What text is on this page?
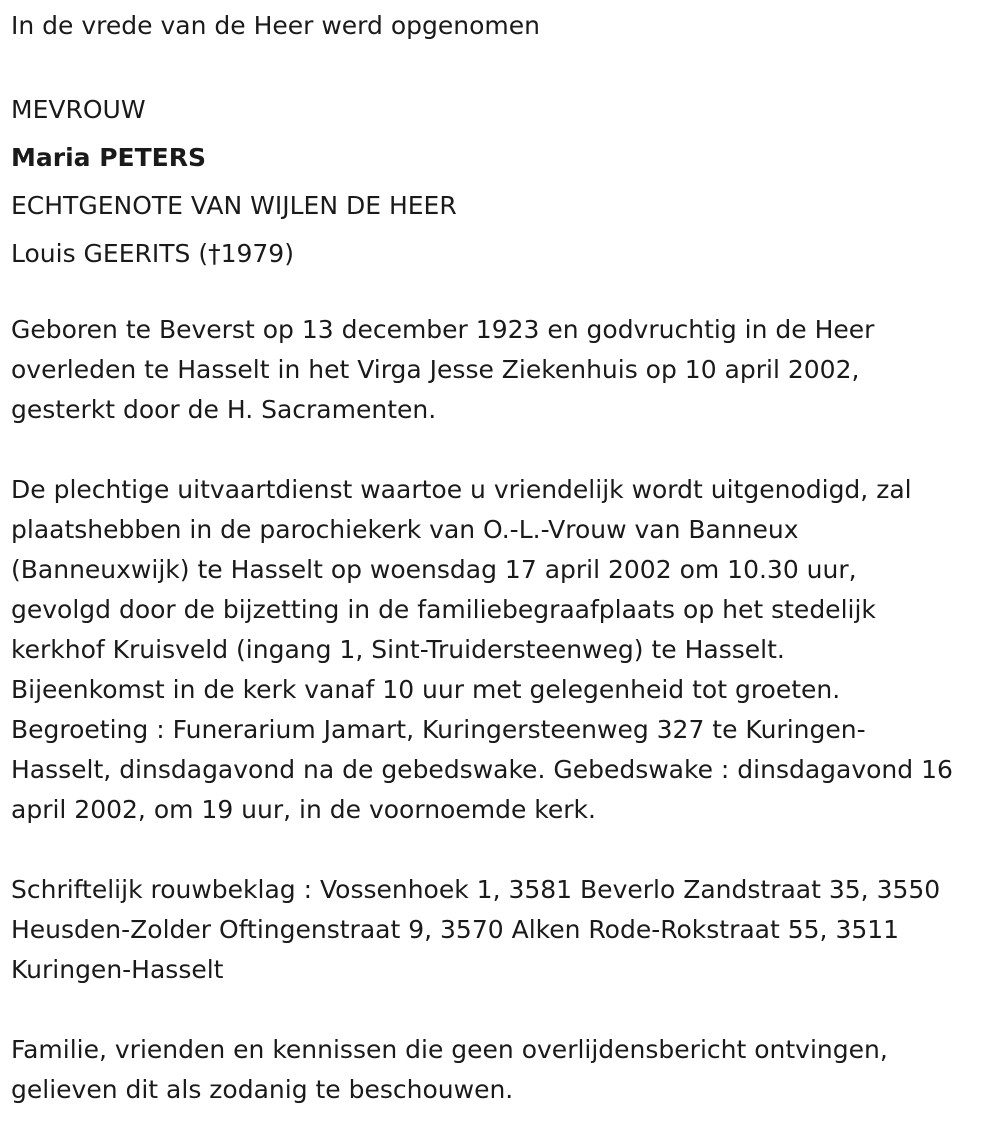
In de vrede van de Heer werd opgenomen
MEVROUW
Maria PETERS
ECHTGENOTE VAN WIJLEN DE HEER
Louis GEERITS (†1979)
Geboren te Beverst op 13 december 1923 en godvruchtig in de Heer
overleden te Hasselt in het Virga Jesse Ziekenhuis op 10 april 2002,
gesterkt door de H. Sacramenten.
De plechtige uitvaartdienst waartoe u vriendelijk wordt uitgenodigd, zal
plaatshebben in de parochiekerk van O.-L.-Vrouw van Banneux
(Banneuxwijk) te Hasselt op woensdag 17 april 2002 om 10.30 uur,
gevolgd door de bijzetting in de familiebegraafplaats op het stedelijk
kerkhof Kruisveld (ingang 1, Sint-Truidersteenweg) te Hasselt.
Bijeenkomst in de kerk vanaf 10 uur met gelegenheid tot groeten.
Begroeting : Funerarium Jamart, Kuringersteenweg 327 te Kuringen-
Hasselt, dinsdagavond na de gebedswake. Gebedswake : dinsdagavond 16
april 2002, om 19 uur, in de voornoemde kerk.
Schriftelijk rouwbeklag : Vossenhoek 1, 3581 Beverlo Zandstraat 35, 3550
Heusden-Zolder Oftingenstraat 9, 3570 Alken Rode-Rokstraat 55, 3511
Kuringen-Hasselt
Familie, vrienden en kennissen die geen overlijdensbericht ontvingen,
gelieven dit als zodanig te beschouwen.
